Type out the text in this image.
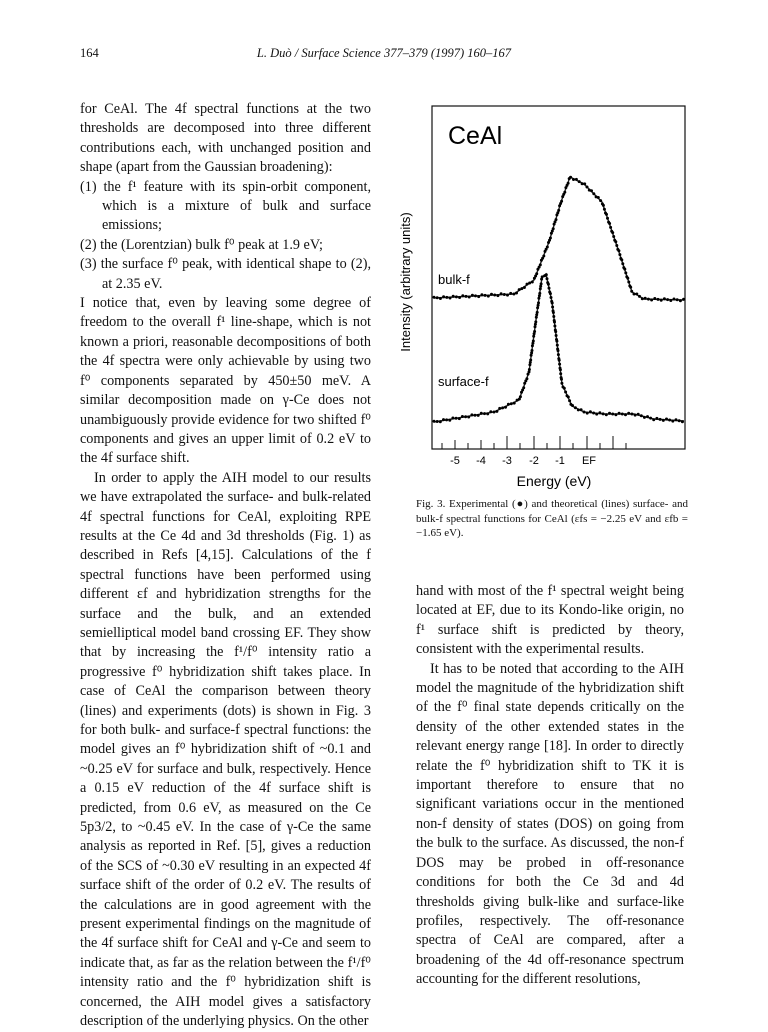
164	L. Duò / Surface Science 377–379 (1997) 160–167

for CeAl. The 4f spectral functions at the two thresholds are decomposed into three different contributions each, with unchanged position and shape (apart from the Gaussian broadening):

(1) the f¹ feature with its spin-orbit component, which is a mixture of bulk and surface emissions;
(2) the (Lorentzian) bulk f⁰ peak at 1.9 eV;
(3) the surface f⁰ peak, with identical shape to (2), at 2.35 eV.

I notice that, even by leaving some degree of freedom to the overall f¹ line-shape, which is not known a priori, reasonable decompositions of both the 4f spectra were only achievable by using two f⁰ components separated by 450±50 meV. A similar decomposition made on γ-Ce does not unambiguously provide evidence for two shifted f⁰ components and gives an upper limit of 0.2 eV to the 4f surface shift.

In order to apply the AIH model to our results we have extrapolated the surface- and bulk-related 4f spectral functions for CeAl, exploiting RPE results at the Ce 4d and 3d thresholds (Fig. 1) as described in Refs [4,15]. Calculations of the f spectral functions have been performed using different εf and hybridization strengths for the surface and the bulk, and an extended semielliptical model band crossing EF. They show that by increasing the f¹/f⁰ intensity ratio a progressive f⁰ hybridization shift takes place. In case of CeAl the comparison between theory (lines) and experiments (dots) is shown in Fig. 3 for both bulk- and surface-f spectral functions: the model gives an f⁰ hybridization shift of ~0.1 and ~0.25 eV for surface and bulk, respectively. Hence a 0.15 eV reduction of the 4f surface shift is predicted, from 0.6 eV, as measured on the Ce 5p3/2, to ~0.45 eV. In the case of γ-Ce the same analysis as reported in Ref. [5], gives a reduction of the SCS of ~0.30 eV resulting in an expected 4f surface shift of the order of 0.2 eV. The results of the calculations are in good agreement with the present experimental findings on the magnitude of the 4f surface shift for CeAl and γ-Ce and seem to indicate that, as far as the relation between the f¹/f⁰ intensity ratio and the f⁰ hybridization shift is concerned, the AIH model gives a satisfactory description of the underlying physics. On the other

CeAl
bulk-f
surface-f
Intensity (arbitrary units)
-5 -4 -3 -2 -1 EF
Energy (eV)
Fig. 3. Experimental (●) and theoretical (lines) surface- and bulk-f spectral functions for CeAl (εfs = −2.25 eV and εfb = −1.65 eV).

hand with most of the f¹ spectral weight being located at EF, due to its Kondo-like origin, no f¹ surface shift is predicted by theory, consistent with the experimental results.

It has to be noted that according to the AIH model the magnitude of the hybridization shift of the f⁰ final state depends critically on the density of the other extended states in the relevant energy range [18]. In order to directly relate the f⁰ hybridization shift to TK it is important therefore to ensure that no significant variations occur in the mentioned non-f density of states (DOS) on going from the bulk to the surface. As discussed, the non-f DOS may be probed in off-resonance conditions for both the Ce 3d and 4d thresholds giving bulk-like and surface-like profiles, respectively. The off-resonance spectra of CeAl are compared, after a broadening of the 4d off-resonance spectrum accounting for the different resolutions,
